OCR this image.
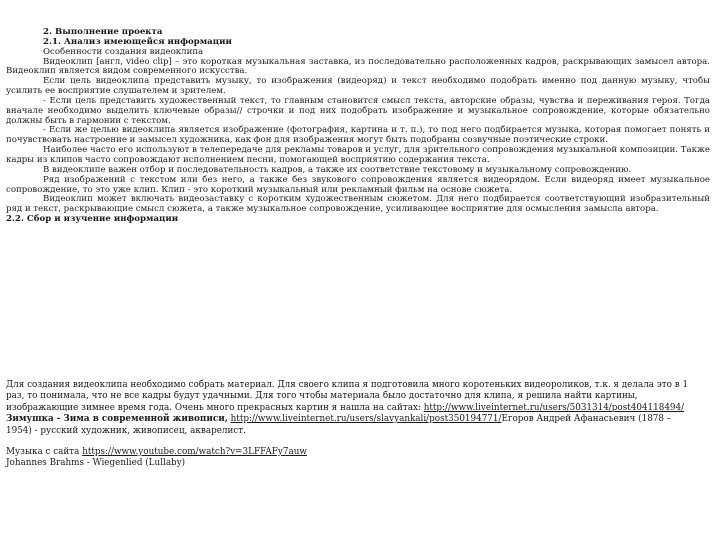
2. Выполнение проекта

2.1. Анализ имеющейся информации

Особенности создания видеоклипа

Видеоклип [англ, video clip] – это короткая музыкальная заставка, из последовательно расположенных кадров, раскрывающих замысел автора. Видеоклип является видом современного искусства.

Если цель видеоклипа представить музыку, то изображения (видеоряд) и текст необходимо подобрать именно под данную музыку, чтобы усилить ее восприятие слушателем и зрителем.

- Если цель представить художественный текст, то главным становится смысл текста, авторские образы, чувства и переживания героя. Тогда вначале необходимо выделить ключевые образы// строчки и под них подобрать изображение и музыкальное сопровождение, которые обязательно должны быть в гармонии с текстом.

- Если же целью видеоклипа является изображение (фотография, картина и т. п.), то под него подбирается музыка, которая помогает понять и почувствовать настроение и замысел художника, как фон для изображения могут быть подобраны созвучные поэтические строки.

Наиболее часто его используют в телепередаче для рекламы товаров и услуг, для зрительного сопровождения музыкальной композиции. Также кадры из клипов часто сопровождают исполнением песни, помогающей восприятию содержания текста.

В видеоклипе важен отбор и последовательность кадров, а также их соответствие текстовому и музыкальному сопровождению.

Ряд изображений с текстом или без него, а также без звукового сопровождения является видеорядом. Если видеоряд имеет музыкальное сопровождение, то это уже клип. Клип - это короткий музыкальный или рекламный фильм на основе сюжета.

Видеоклип может включать видеозаставку с коротким художественным сюжетом. Для него подбирается соответствующий изобразительный ряд и текст, раскрывающие смысл сюжета, а также музыкальное сопровождение, усиливающее восприятие для осмысления замысла автора.

2.2. Сбор и изучение информации

Для создания видеоклипа необходимо собрать материал. Для своего клипа я подготовила много коротеньких видеороликов, т.к. я делала это в 1 раз, то понимала, что не все кадры будут удачными. Для того чтобы материала было достаточно для клипа, я решила найти картины, изображающие зимнее время года. Очень много прекрасных картин я нашла на сайтах: http://www.liveinternet.ru/users/5031314/post404118494/Зимушка - Зима в современной живописи, http://www.liveinternet.ru/users/slavyankali/post350194771/Егоров Андрей Афанасьевич (1878 – 1954) - русский художник, живописец, акварелист.

Музыка с сайта https://www.youtube.com/watch?v=3LFFAFy7auw

Johannes Brahms - Wiegenlied (Lullaby)
